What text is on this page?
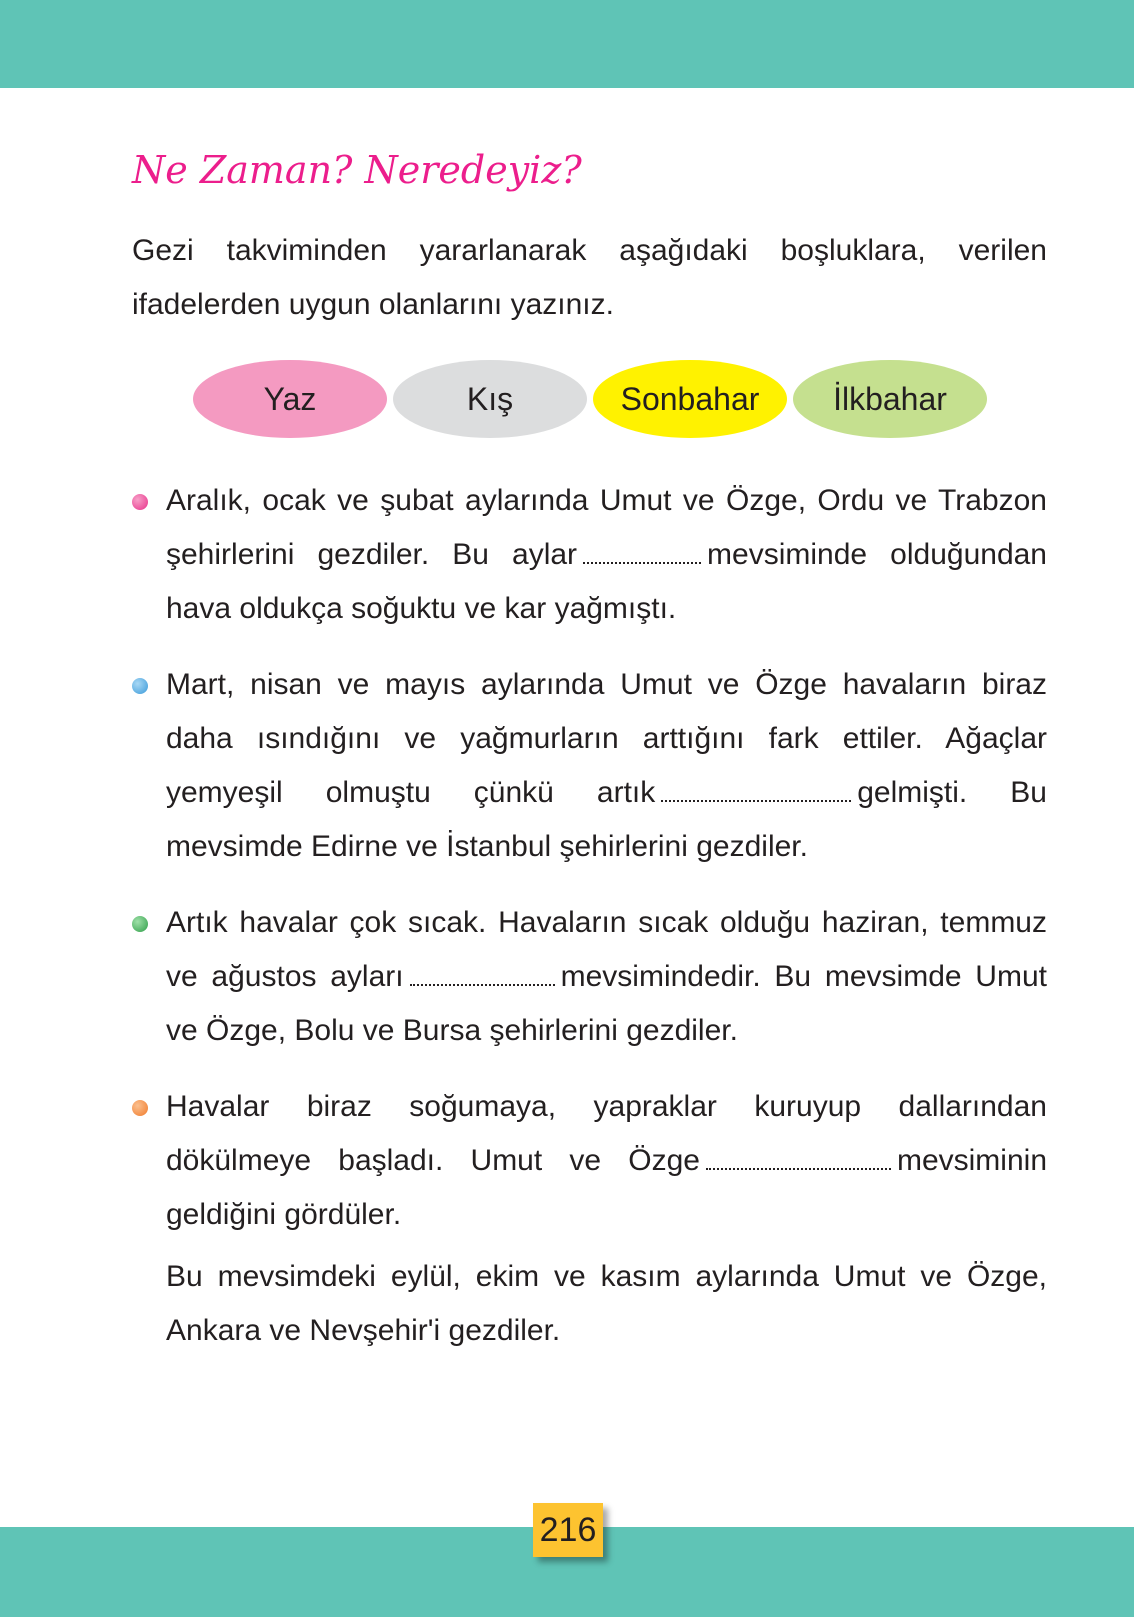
Ne Zaman? Neredeyiz?
Gezi takviminden yararlanarak aşağıdaki boşluklara, verilen ifadelerden uygun olanlarını yazınız.
Yaz	Kış	Sonbahar	İlkbahar
Aralık, ocak ve şubat aylarında Umut ve Özge, Ordu ve Trabzon şehirlerini gezdiler. Bu aylar	mevsiminde olduğundan hava oldukça soğuktu ve kar yağmıştı.
Mart, nisan ve mayıs aylarında Umut ve Özge havaların biraz daha ısındığını ve yağmurların arttığını fark ettiler. Ağaçlar yemyeşil olmuştu çünkü artık	gelmişti. Bu mevsimde Edirne ve İstanbul şehirlerini gezdiler.
Artık havalar çok sıcak. Havaların sıcak olduğu haziran, temmuz ve ağustos ayları	mevsimindedir. Bu mevsimde Umut ve Özge, Bolu ve Bursa şehirlerini gezdiler.
Havalar biraz soğumaya, yapraklar kuruyup dallarından dökülmeye başladı. Umut ve Özge	mevsiminin geldiğini gördüler.
Bu mevsimdeki eylül, ekim ve kasım aylarında Umut ve Özge, Ankara ve Nevşehir'i gezdiler.
216
